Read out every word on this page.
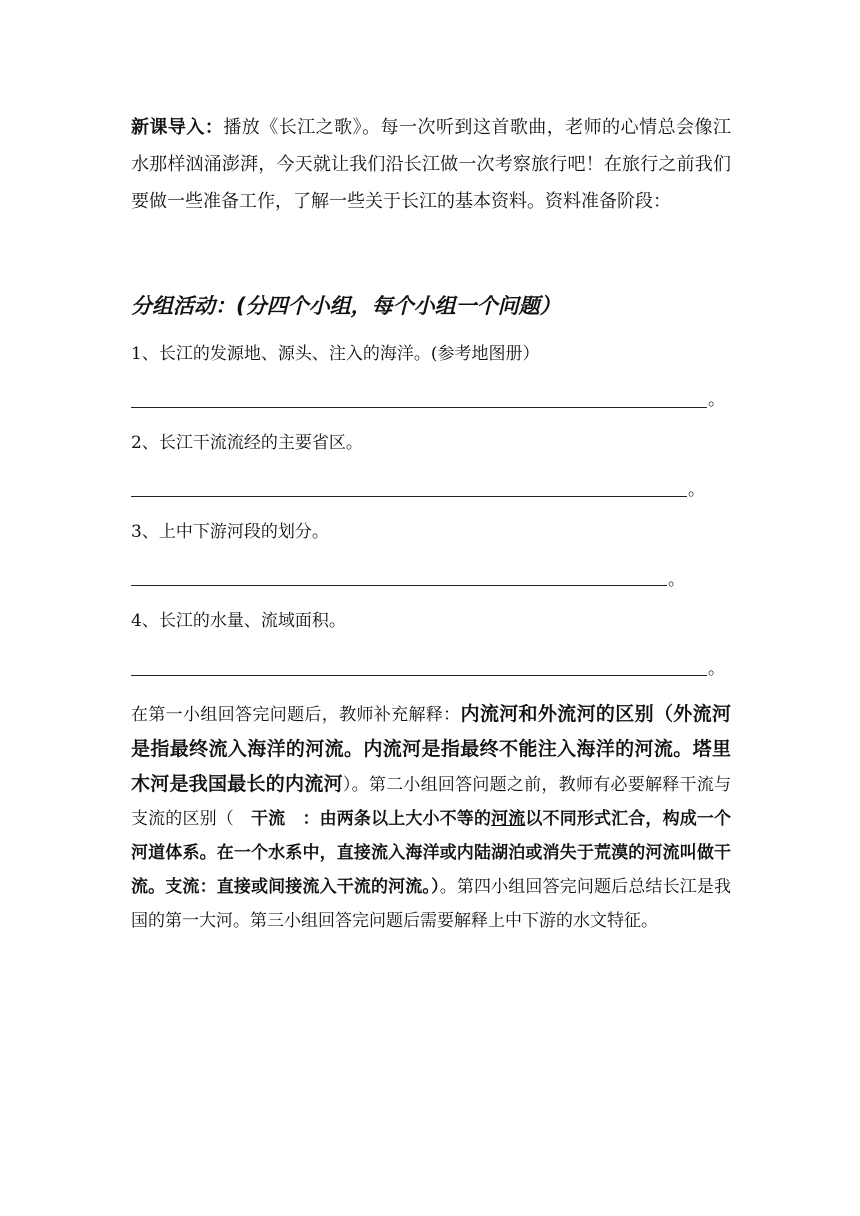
新课导入：播放《长江之歌》。每一次听到这首歌曲，老师的心情总会像江水那样汹涌澎湃，今天就让我们沿长江做一次考察旅行吧！在旅行之前我们要做一些准备工作，了解一些关于长江的基本资料。资料准备阶段：
分组活动：(分四个小组，每个小组一个问题）
1、长江的发源地、源头、注入的海洋。(参考地图册）
。
2、长江干流流经的主要省区。
。
3、上中下游河段的划分。
。
4、长江的水量、流域面积。
。
在第一小组回答完问题后，教师补充解释：内流河和外流河的区别（外流河是指最终流入海洋的河流。内流河是指最终不能注入海洋的河流。塔里木河是我国最长的内流河）。第二小组回答问题之前，教师有必要解释干流与支流的区别（　干流　：由两条以上大小不等的河流以不同形式汇合，构成一个河道体系。在一个水系中，直接流入海洋或内陆湖泊或消失于荒漠的河流叫做干流。支流：直接或间接流入干流的河流。）。第四小组回答完问题后总结长江是我国的第一大河。第三小组回答完问题后需要解释上中下游的水文特征。
